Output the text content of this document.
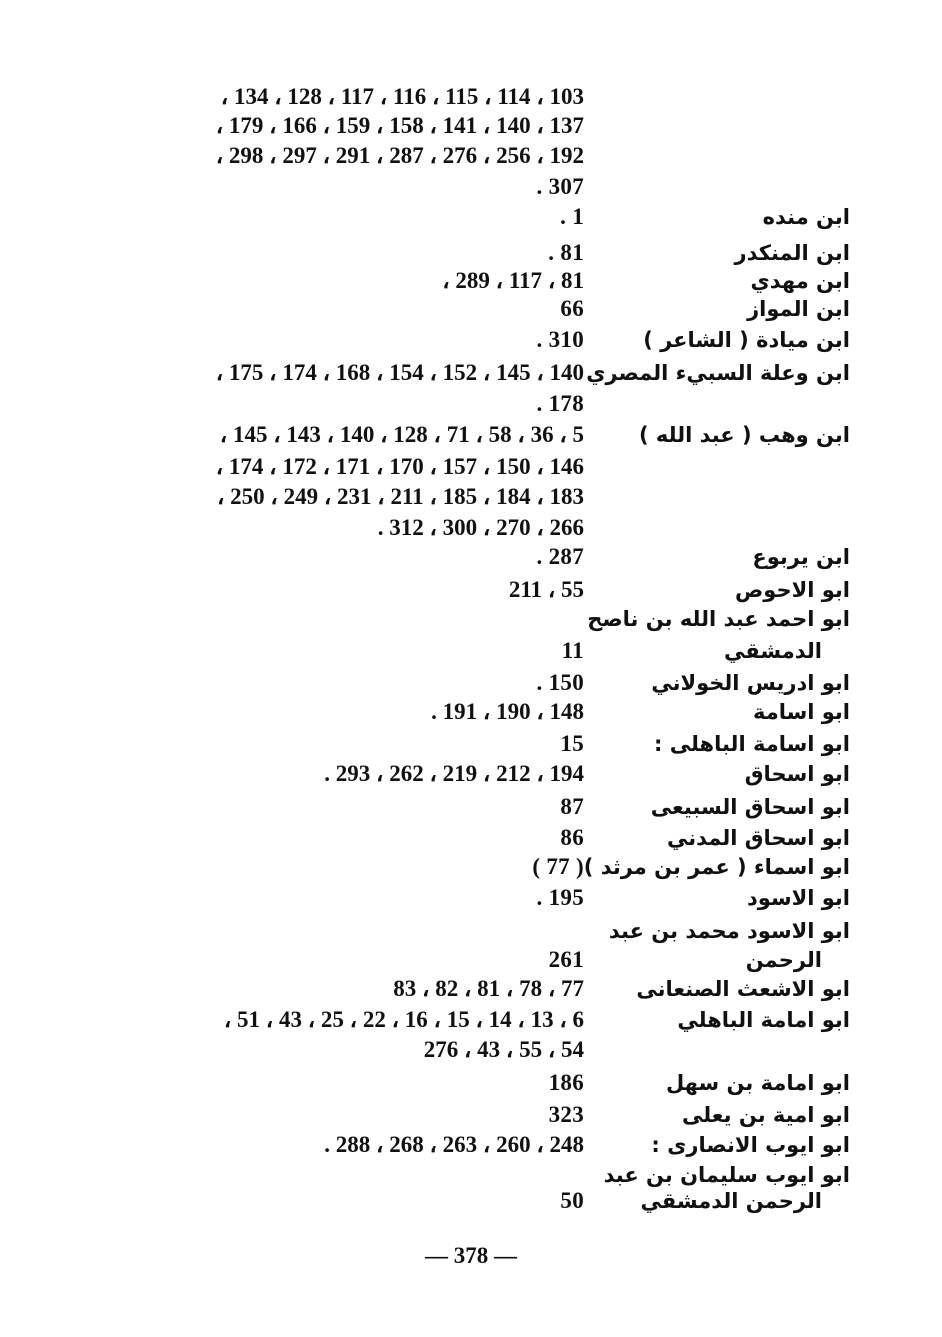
103 ، 114 ، 115 ، 116 ، 117 ، 128 ، 134 ،
137 ، 140 ، 141 ، 158 ، 159 ، 166 ، 179 ،
192 ، 256 ، 276 ، 287 ، 291 ، 297 ، 298 ،
307 .
ابن منده
1 .
ابن المنكدر
81 .
ابن مهدي
81 ، 117 ، 289 ،
ابن المواز
66
ابن ميادة ( الشاعر )
310 .
ابن وعلة السبيء المصري
140 ، 145 ، 152 ، 154 ، 168 ، 174 ، 175 ،
178 .
ابن وهب ( عبد الله )
5 ، 36 ، 58 ، 71 ، 128 ، 140 ، 143 ، 145 ،
146 ، 150 ، 157 ، 170 ، 171 ، 172 ، 174 ،
183 ، 184 ، 185 ، 211 ، 231 ، 249 ، 250 ،
266 ، 270 ، 300 ، 312 .
ابن يربوع
287 .
ابو الاحوص
55 ، 211
ابو احمد عبد الله بن ناصح
الدمشقي
11
ابو ادريس الخولاني
150 .
ابو اسامة
148 ، 190 ، 191 .
ابو اسامة الباهلى :
15
ابو اسحاق
194 ، 212 ، 219 ، 262 ، 293 .
ابو اسحاق السبيعى
87
ابو اسحاق المدني
86
ابو اسماء ( عمر بن مرثد )
( 77 )
ابو الاسود
195 .
ابو الاسود محمد بن عبد
الرحمن
261
ابو الاشعث الصنعانى
77 ، 78 ، 81 ، 82 ، 83
ابو امامة الباهلي
6 ، 13 ، 14 ، 15 ، 16 ، 22 ، 25 ، 43 ، 51 ،
54 ، 55 ، 43 ، 276
ابو امامة بن سهل
186
ابو امية بن يعلى
323
ابو ايوب الانصارى :
248 ، 260 ، 263 ، 268 ، 288 .
ابو ايوب سليمان بن عبد
الرحمن الدمشقي
50
— 378 —
